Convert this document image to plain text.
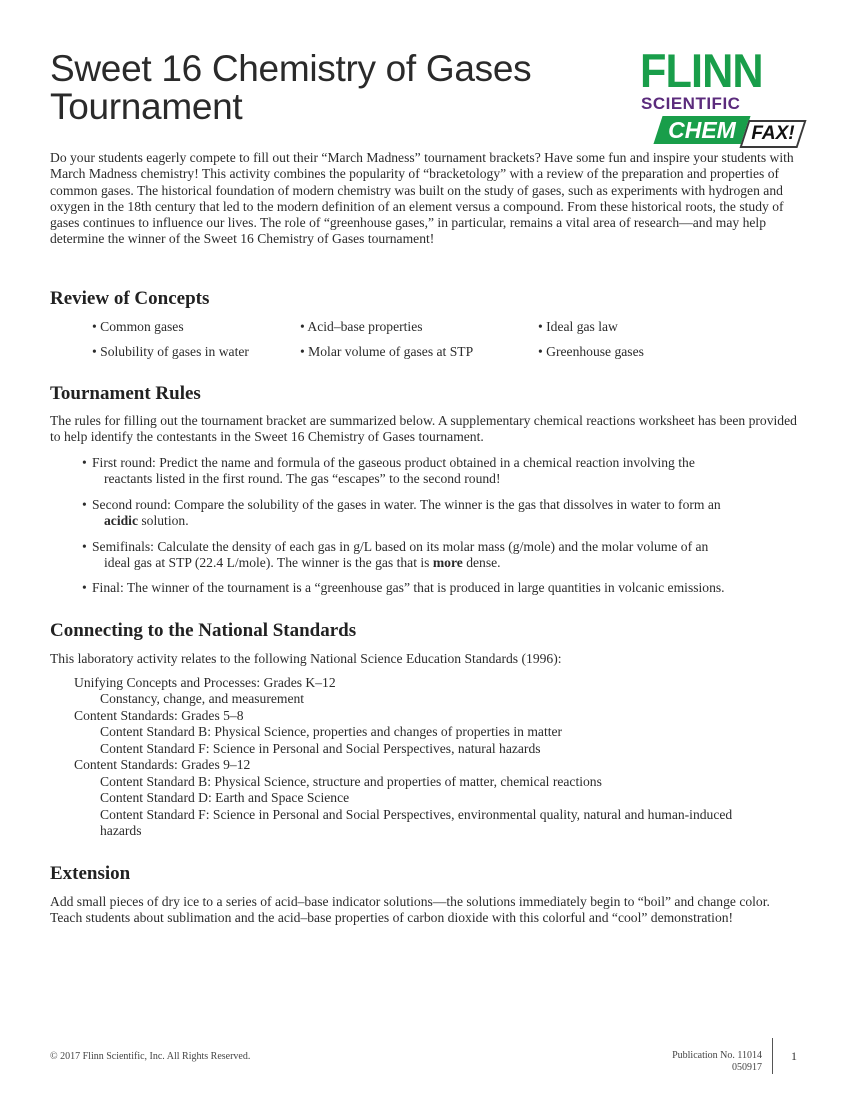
Sweet 16 Chemistry of Gases
Tournament
FLINN
SCIENTIFIC
CHEM FAX!

Do your students eagerly compete to fill out their “March Madness” tournament brackets? Have some fun and inspire your students with March Madness chemistry! This activity combines the popularity of “bracketology” with a review of the preparation and properties of common gases. The historical foundation of modern chemistry was built on the study of gases, such as experiments with hydrogen and oxygen in the 18th century that led to the modern definition of an element versus a compound. From these historical roots, the study of gases continues to influence our lives. The role of “greenhouse gases,” in particular, remains a vital area of research—and may help determine the winner of the Sweet 16 Chemistry of Gases tournament!

Review of Concepts
• Common gases	• Acid–base properties	• Ideal gas law
• Solubility of gases in water	• Molar volume of gases at STP	• Greenhouse gases
Tournament Rules

The rules for filling out the tournament bracket are summarized below. A supplementary chemical reactions worksheet has been provided to help identify the contestants in the Sweet 16 Chemistry of Gases tournament.

• First round: Predict the name and formula of the gaseous product obtained in a chemical reaction involving the

reactants listed in the first round. The gas “escapes” to the second round!

• Second round: Compare the solubility of the gases in water. The winner is the gas that dissolves in water to form an

acidic solution.

• Semifinals: Calculate the density of each gas in g/L based on its molar mass (g/mole) and the molar volume of an

ideal gas at STP (22.4 L/mole). The winner is the gas that is more dense.

• Final: The winner of the tournament is a “greenhouse gas” that is produced in large quantities in volcanic emissions.

Connecting to the National Standards

This laboratory activity relates to the following National Science Education Standards (1996):

Unifying Concepts and Processes: Grades K–12

Constancy, change, and measurement

Content Standards: Grades 5–8

Content Standard B: Physical Science, properties and changes of properties in matter

Content Standard F: Science in Personal and Social Perspectives, natural hazards

Content Standards: Grades 9–12

Content Standard B: Physical Science, structure and properties of matter, chemical reactions

Content Standard D: Earth and Space Science

Content Standard F: Science in Personal and Social Perspectives, environmental quality, natural and human-induced

hazards

Extension

Add small pieces of dry ice to a series of acid–base indicator solutions—the solutions immediately begin to “boil” and change color. Teach students about sublimation and the acid–base properties of carbon dioxide with this colorful and “cool” demonstration!

© 2017 Flinn Scientific, Inc. All Rights Reserved.	Publication No. 11014
050917
1
